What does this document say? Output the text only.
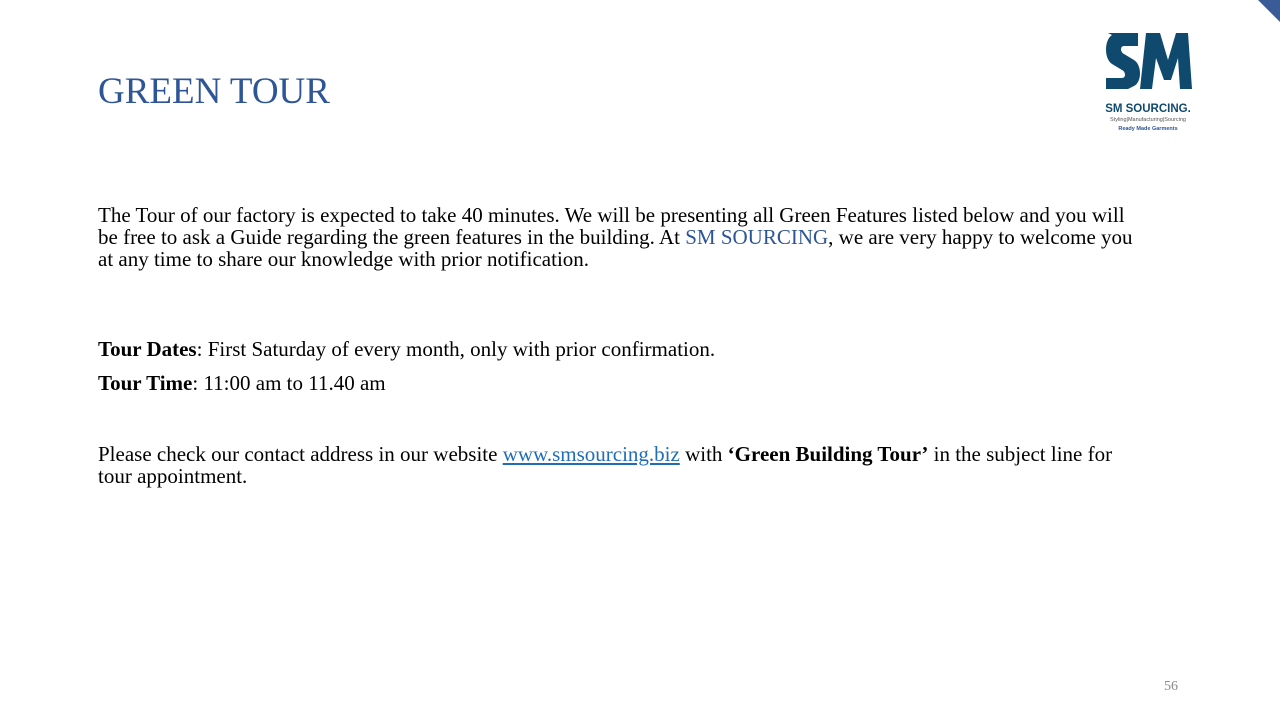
GREEN TOUR	SM SOURCING.
Styling|Manufacturing|Sourcing
Ready Made Garments

The Tour of our factory is expected to take 40 minutes. We will be presenting all Green Features listed below and you will be free to ask a Guide regarding the green features in the building. At SM SOURCING, we are very happy to welcome you at any time to share our knowledge with prior notification.

Tour Dates: First Saturday of every month, only with prior confirmation.

Tour Time: 11:00 am to 11.40 am

Please check our contact address in our website www.smsourcing.biz with ‘Green Building Tour’ in the subject line for tour appointment.

56
